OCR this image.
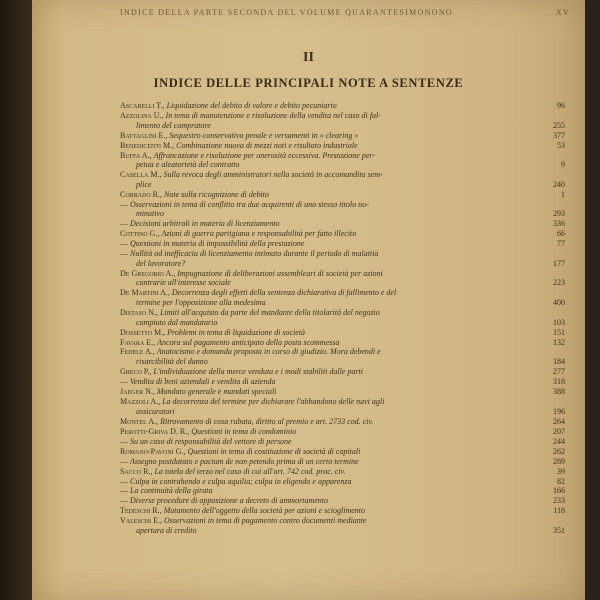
INDICE DELLA PARTE SECONDA DEL VOLUME QUARANTESIMONONO	XV
II
INDICE DELLE PRINCIPALI NOTE A SENTENZE
Ascarelli T., Liquidazione del debito di valore e debito pecuniario	96
Azzolina U., In tema di manutenzione e risoluzione della vendita nel caso di fal-
limento del compratore	255
Battaglini E., Sequestro conservativo penale e versamenti in « clearing »	377
Benedicenti M., Combinazione nuova di mezzi noti e risultato industriale	53
Buffa A., Affrancazione e risoluzione per onerosità eccessiva. Prestazione per-
petua e aleatorietà del contratto	9
Casella M., Sulla revoca degli amministratori nella società in accomandita sem-
plice	240
Corrado R., Note sulla ricognizione di debito	1
— Osservazioni in tema di conflitto tra due acquirenti di uno stesso titolo no-
minativo	293
— Decisioni arbitrali in materia di licenziamento	336
Cottino G., Azioni di guerra partigiana e responsabilità per fatto illecito	66
— Questioni in materia di impossibilità della prestazione	77
— Nullità od inefficacia di licenziamento intimato durante il periodo di malattia
del lavoratore?	177
De Gregorio A., Impugnazione di deliberazioni assembleari di società per azioni
contrarie all'interesse sociale	223
De Martini A., Decorrenza degli effetti della sentenza dichiarativa di fallimento e del
termine per l'opposizione alla medesima	400
Distaso N., Limiti all'acquisto da parte del mandante della titolarità del negozio
compiuto dal mandatario	103
Dossetto M., Problemi in tema di liquidazione di società	151
Favara E., Ancora sul pagamento anticipato della posta scommessa	132
Fedele A., Anatocismo e domanda proposta in corso di giudizio. Mora debendi e
risarcibilità del danno	184
Greco P., L'individuazione della merce venduta e i modi stabiliti dalle parti	277
— Vendita di beni aziendali e vendita di azienda	318
Jaeger N., Mandato generale e mandati speciali	388
Mazzoli A., La decorrenza del termine per dichiarare l'abbandono delle navi agli
assicuratori	196
Montel A., Ritrovamento di cosa rubata, diritto al premio e art. 2733 cod. civ.	264
Perotti-Griva D. R., Questioni in tema di condominio	207
— Su un caso di responsabilità del vettore di persone	244
Romano-Pavoni G., Questioni in tema di costituzione di società di capitali	262
— Assegno postdatato e pactum de non petendo prima di un certo termine	289
Sacco R., La tutela del terzo nel caso di cui all'art. 742 cod. proc. civ.	39
— Culpa in contrahendo e culpa aquilia; culpa in eligendo e apparenza	82
— La continuità della girata	166
— Diverse procedure di opposizione a decreto di ammortamento	233
Tedeschi R., Mutamento dell'oggetto della società per azioni e scioglimento	118
Valeschi E., Osservazioni in tema di pagamento contro documenti mediante
apertura di credito	351
